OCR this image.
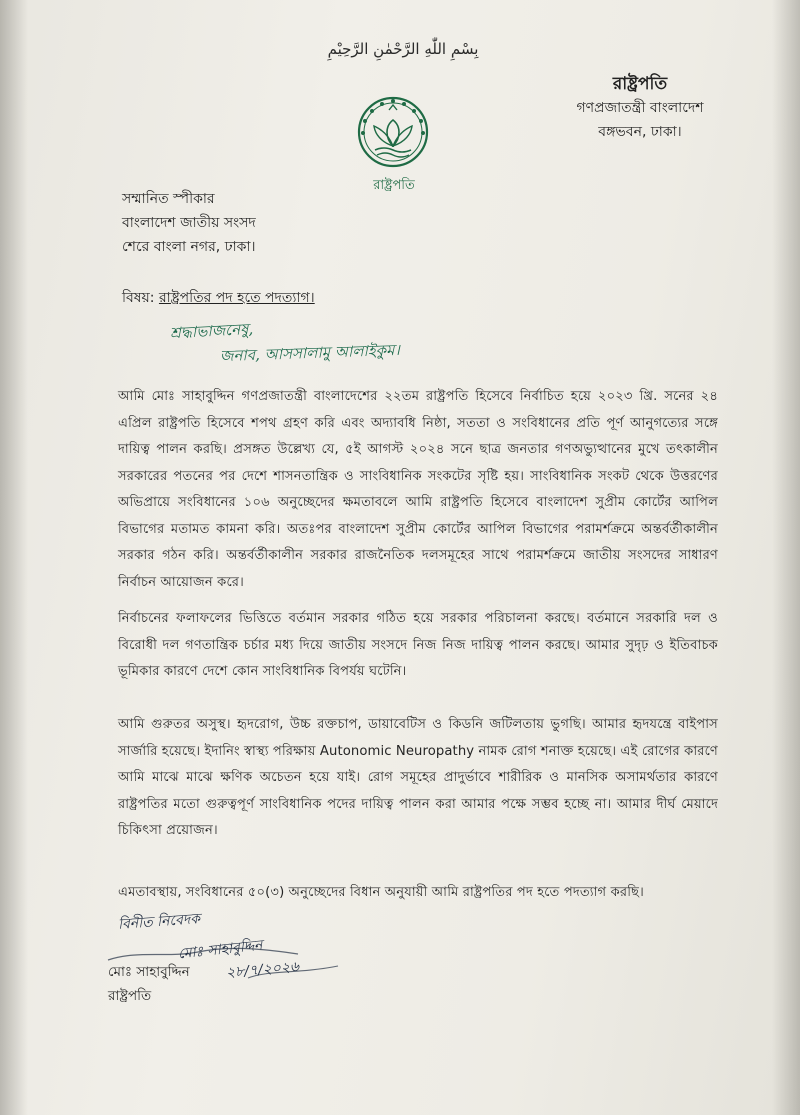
بِسْمِ اللّٰهِ الرَّحْمٰنِ الرَّحِيْمِ
রাষ্ট্রপতি
রাষ্ট্রপতি
গণপ্রজাতন্ত্রী বাংলাদেশ
বঙ্গভবন, ঢাকা।
সম্মানিত স্পীকার
বাংলাদেশ জাতীয় সংসদ
শেরে বাংলা নগর, ঢাকা।
বিষয়: রাষ্ট্রপতির পদ হতে পদত্যাগ।
শ্রদ্ধাভাজনেষু,
জনাব, আসসালামু আলাইকুম।
আমি মোঃ সাহাবুদ্দিন গণপ্রজাতন্ত্রী বাংলাদেশের ২২তম রাষ্ট্রপতি হিসেবে নির্বাচিত হয়ে ২০২৩ খ্রি. সনের ২৪ এপ্রিল রাষ্ট্রপতি হিসেবে শপথ গ্রহণ করি এবং অদ্যাবধি নিষ্ঠা, সততা ও সংবিধানের প্রতি পূর্ণ আনুগত্যের সঙ্গে দায়িত্ব পালন করছি। প্রসঙ্গত উল্লেখ্য যে, ৫ই আগস্ট ২০২৪ সনে ছাত্র জনতার গণঅভ্যুত্থানের মুখে তৎকালীন সরকারের পতনের পর দেশে শাসনতান্ত্রিক ও সাংবিধানিক সংকটের সৃষ্টি হয়। সাংবিধানিক সংকট থেকে উত্তরণের অভিপ্রায়ে সংবিধানের ১০৬ অনুচ্ছেদের ক্ষমতাবলে আমি রাষ্ট্রপতি হিসেবে বাংলাদেশ সুপ্রীম কোর্টের আপিল বিভাগের মতামত কামনা করি। অতঃপর বাংলাদেশ সুপ্রীম কোর্টের আপিল বিভাগের পরামর্শক্রমে অন্তর্বর্তীকালীন সরকার গঠন করি। অন্তর্বর্তীকালীন সরকার রাজনৈতিক দলসমূহের সাথে পরামর্শক্রমে জাতীয় সংসদের সাধারণ নির্বাচন আয়োজন করে।
নির্বাচনের ফলাফলের ভিত্তিতে বর্তমান সরকার গঠিত হয়ে সরকার পরিচালনা করছে। বর্তমানে সরকারি দল ও বিরোধী দল গণতান্ত্রিক চর্চার মধ্য দিয়ে জাতীয় সংসদে নিজ নিজ দায়িত্ব পালন করছে। আমার সুদৃঢ় ও ইতিবাচক ভূমিকার কারণে দেশে কোন সাংবিধানিক বিপর্যয় ঘটেনি।
আমি গুরুতর অসুস্থ। হৃদরোগ, উচ্চ রক্তচাপ, ডায়াবেটিস ও কিডনি জটিলতায় ভুগছি। আমার হৃদযন্ত্রে বাইপাস সার্জারি হয়েছে। ইদানিং স্বাস্থ্য পরিক্ষায় Autonomic Neuropathy নামক রোগ শনাক্ত হয়েছে। এই রোগের কারণে আমি মাঝে মাঝে ক্ষণিক অচেতন হয়ে যাই। রোগ সমূহের প্রাদুর্ভাবে শারীরিক ও মানসিক অসামর্থতার কারণে রাষ্ট্রপতির মতো গুরুত্বপূর্ণ সাংবিধানিক পদের দায়িত্ব পালন করা আমার পক্ষে সম্ভব হচ্ছে না। আমার দীর্ঘ মেয়াদে চিকিৎসা প্রয়োজন।
এমতাবস্থায়, সংবিধানের ৫০(৩) অনুচ্ছেদের বিধান অনুযায়ী আমি রাষ্ট্রপতির পদ হতে পদত্যাগ করছি।
বিনীত নিবেদক
মোঃ সাহাবুদ্দিন
২৮/৭/২০২৬
মোঃ সাহাবুদ্দিন
রাষ্ট্রপতি
